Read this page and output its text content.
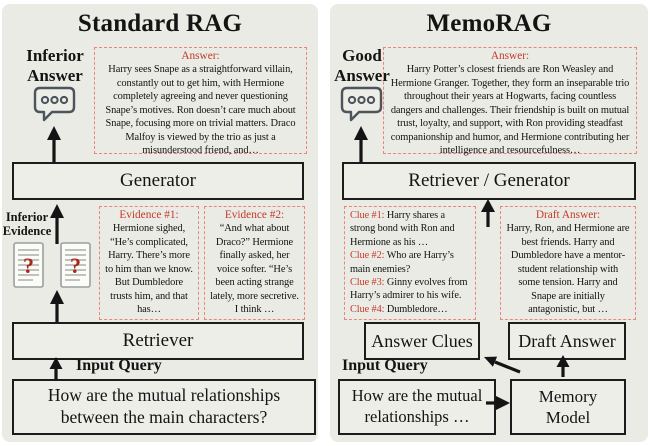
Standard RAG
Inferior
Answer
Answer:
Harry sees Snape as a straightforward villain, constantly out to get him, with Hermione completely agreeing and never questioning Snape’s motives. Ron doesn’t care much about Snape, focusing more on trivial matters. Draco Malfoy is viewed by the trio as just a misunderstood friend, and…
Generator
Inferior
Evidence
? ?
Evidence #1:
Hermione sighed, “He’s complicated, Harry. There’s more to him than we know. But Dumbledore trusts him, and that has…
Evidence #2:
“And what about Draco?” Hermione finally asked, her voice softer. “He’s been acting strange lately, more secretive. I think …
Retriever
Input Query
How are the mutual relationships between the main characters?
MemoRAG
Good
Answer
Answer:
Harry Potter’s closest friends are Ron Weasley and Hermione Granger. Together, they form an inseparable trio throughout their years at Hogwarts, facing countless dangers and challenges. Their friendship is built on mutual trust, loyalty, and support, with Ron providing steadfast companionship and humor, and Hermione contributing her intelligence and resourcefulness…
Retriever / Generator
Clue #1: Harry shares a strong bond with Ron and Hermione as his …
Clue #2: Who are Harry’s main enemies?
Clue #3: Ginny evolves from Harry’s admirer to his wife.
Clue #4: Dumbledore…
Draft Answer:
Harry, Ron, and Hermione are best friends. Harry and Dumbledore have a mentor-student relationship with some tension. Harry and Snape are initially antagonistic, but …
Answer Clues	Draft Answer
Input Query
How are the mutual relationships …
Memory
Model
